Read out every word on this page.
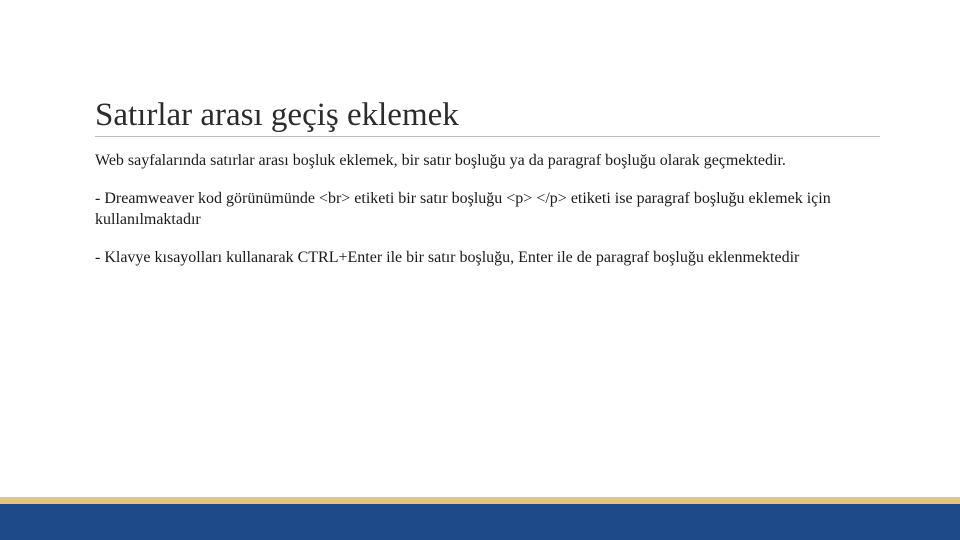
Satırlar arası geçiş eklemek

Web sayfalarında satırlar arası boşluk eklemek, bir satır boşluğu ya da paragraf boşluğu olarak geçmektedir.

- Dreamweaver kod görünümünde <br> etiketi bir satır boşluğu <p> </p> etiketi ise paragraf boşluğu eklemek için kullanılmaktadır

- Klavye kısayolları kullanarak CTRL+Enter ile bir satır boşluğu, Enter ile de paragraf boşluğu eklenmektedir
